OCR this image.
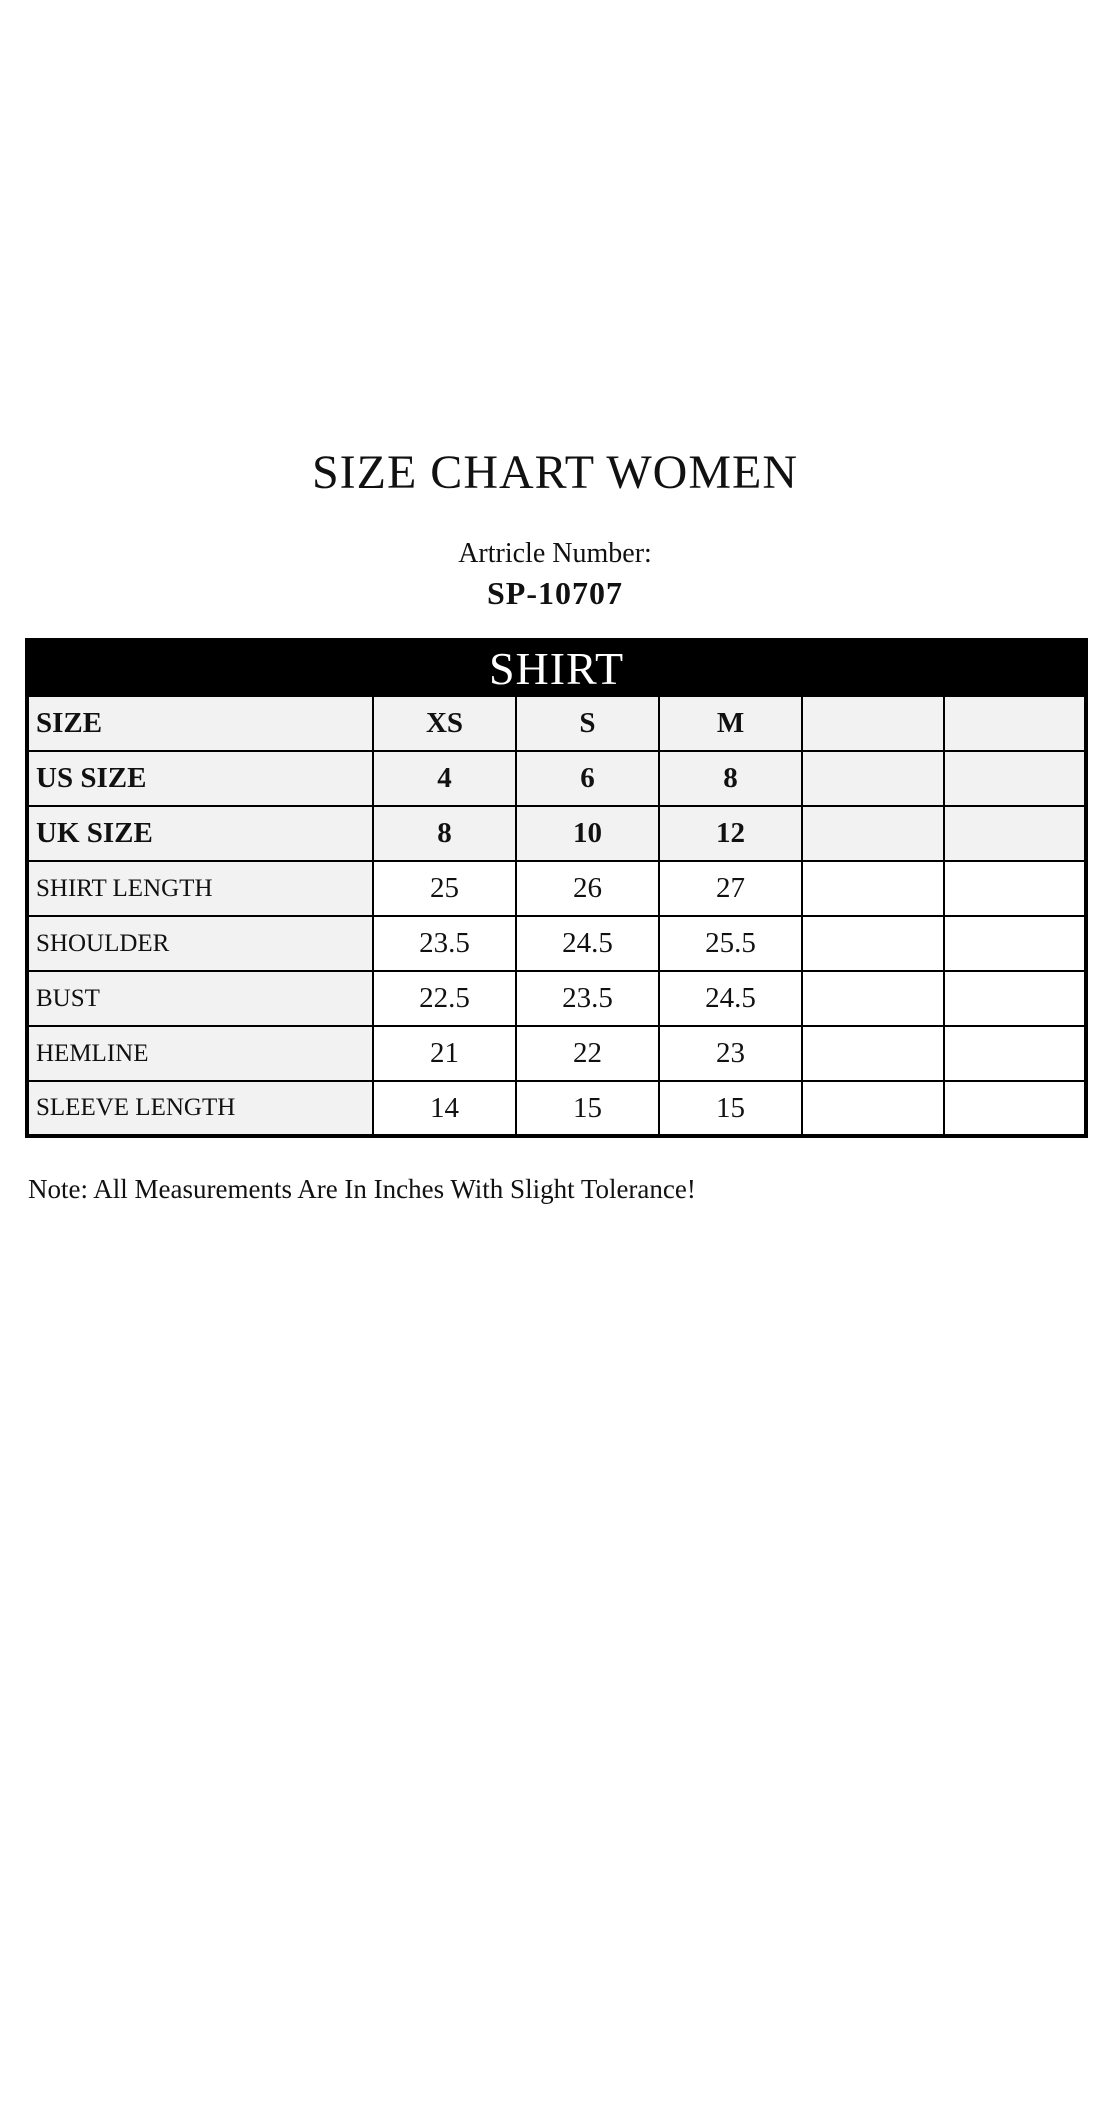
SIZE CHART WOMEN
Artricle Number:
SP-10707
SHIRT					
SIZE	XS	S	M		
US SIZE	4	6	8		
UK SIZE	8	10	12		
SHIRT LENGTH	25	26	27		
SHOULDER	23.5	24.5	25.5		
BUST	22.5	23.5	24.5		
HEMLINE	21	22	23		
SLEEVE LENGTH	14	15	15		

Note: All Measurements Are In Inches With Slight Tolerance!
